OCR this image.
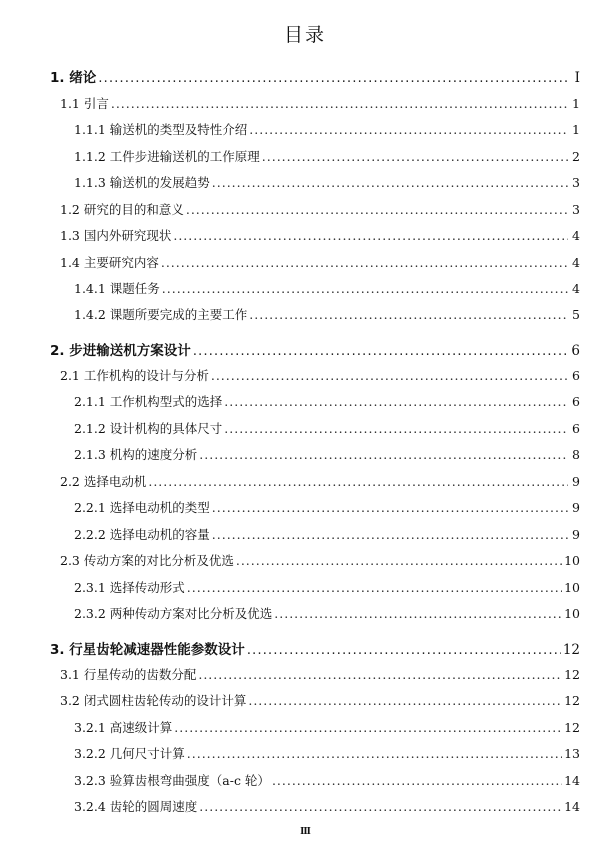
目录
1. 绪论 .....	I
1.1 引言 .....	1
1.1.1 输送机的类型及特性介绍 .....	1
1.1.2 工件步进输送机的工作原理 .....	2
1.1.3 输送机的发展趋势 .....	3
1.2 研究的目的和意义 .....	3
1.3 国内外研究现状 .....	4
1.4 主要研究内容 .....	4
1.4.1 课题任务 .....	4
1.4.2 课题所要完成的主要工作 .....	5
2. 步进输送机方案设计 .....	6
2.1 工作机构的设计与分析 .....	6
2.1.1 工作机构型式的选择 .....	6
2.1.2 设计机构的具体尺寸 .....	6
2.1.3 机构的速度分析 .....	8
2.2 选择电动机 .....	9
2.2.1 选择电动机的类型 .....	9
2.2.2 选择电动机的容量 .....	9
2.3 传动方案的对比分析及优选 .....	10
2.3.1 选择传动形式 .....	10
2.3.2 两种传动方案对比分析及优选 .....	10
3. 行星齿轮减速器性能参数设计 .....	12
3.1 行星传动的齿数分配 .....	12
3.2 闭式圆柱齿轮传动的设计计算 .....	12
3.2.1 高速级计算 .....	12
3.2.2 几何尺寸计算 .....	13
3.2.3 验算齿根弯曲强度（a-c 轮） .....	14
3.2.4 齿轮的圆周速度 .....	14
III
